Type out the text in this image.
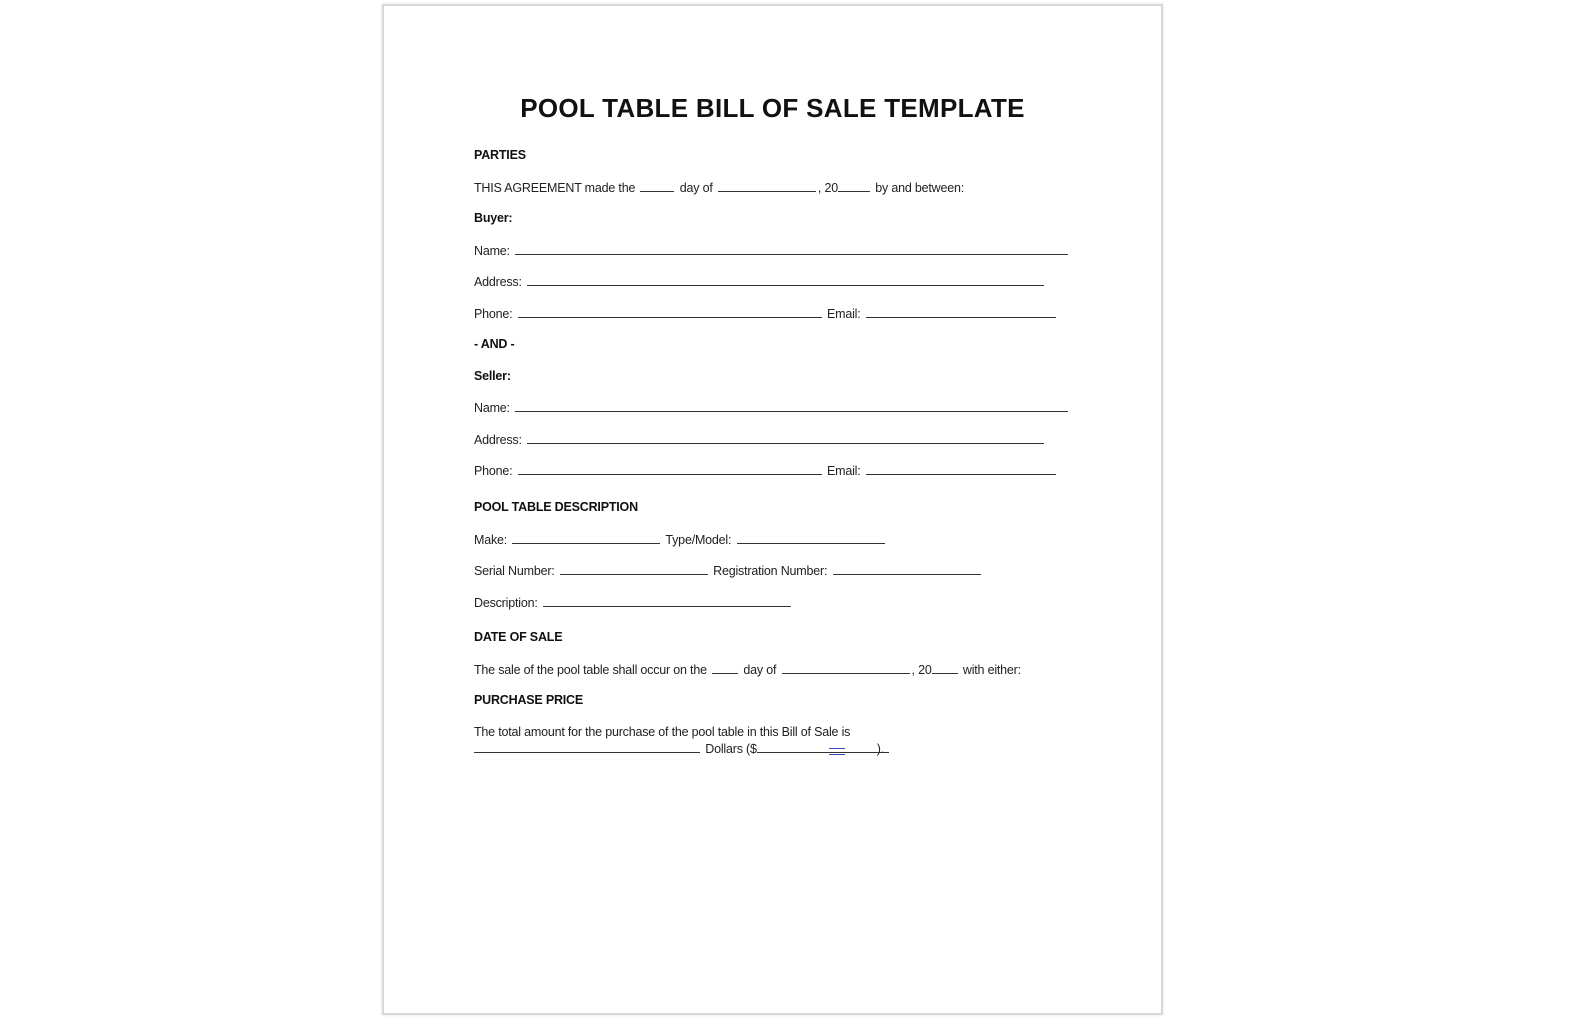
POOL TABLE BILL OF SALE TEMPLATE
PARTIES
THIS AGREEMENT made the	day of	, 20	by and between:
Buyer:
Name:
Address:
Phone:	Email:
- AND -
Seller:
Name:
Address:
Phone:	Email:
POOL TABLE DESCRIPTION
Make:	Type/Model:
Serial Number:	Registration Number:
Description:
DATE OF SALE
The sale of the pool table shall occur on the	day of	, 20	with either:
PURCHASE PRICE
The total amount for the purchase of the pool table in this Bill of Sale is
Dollars ($	).
